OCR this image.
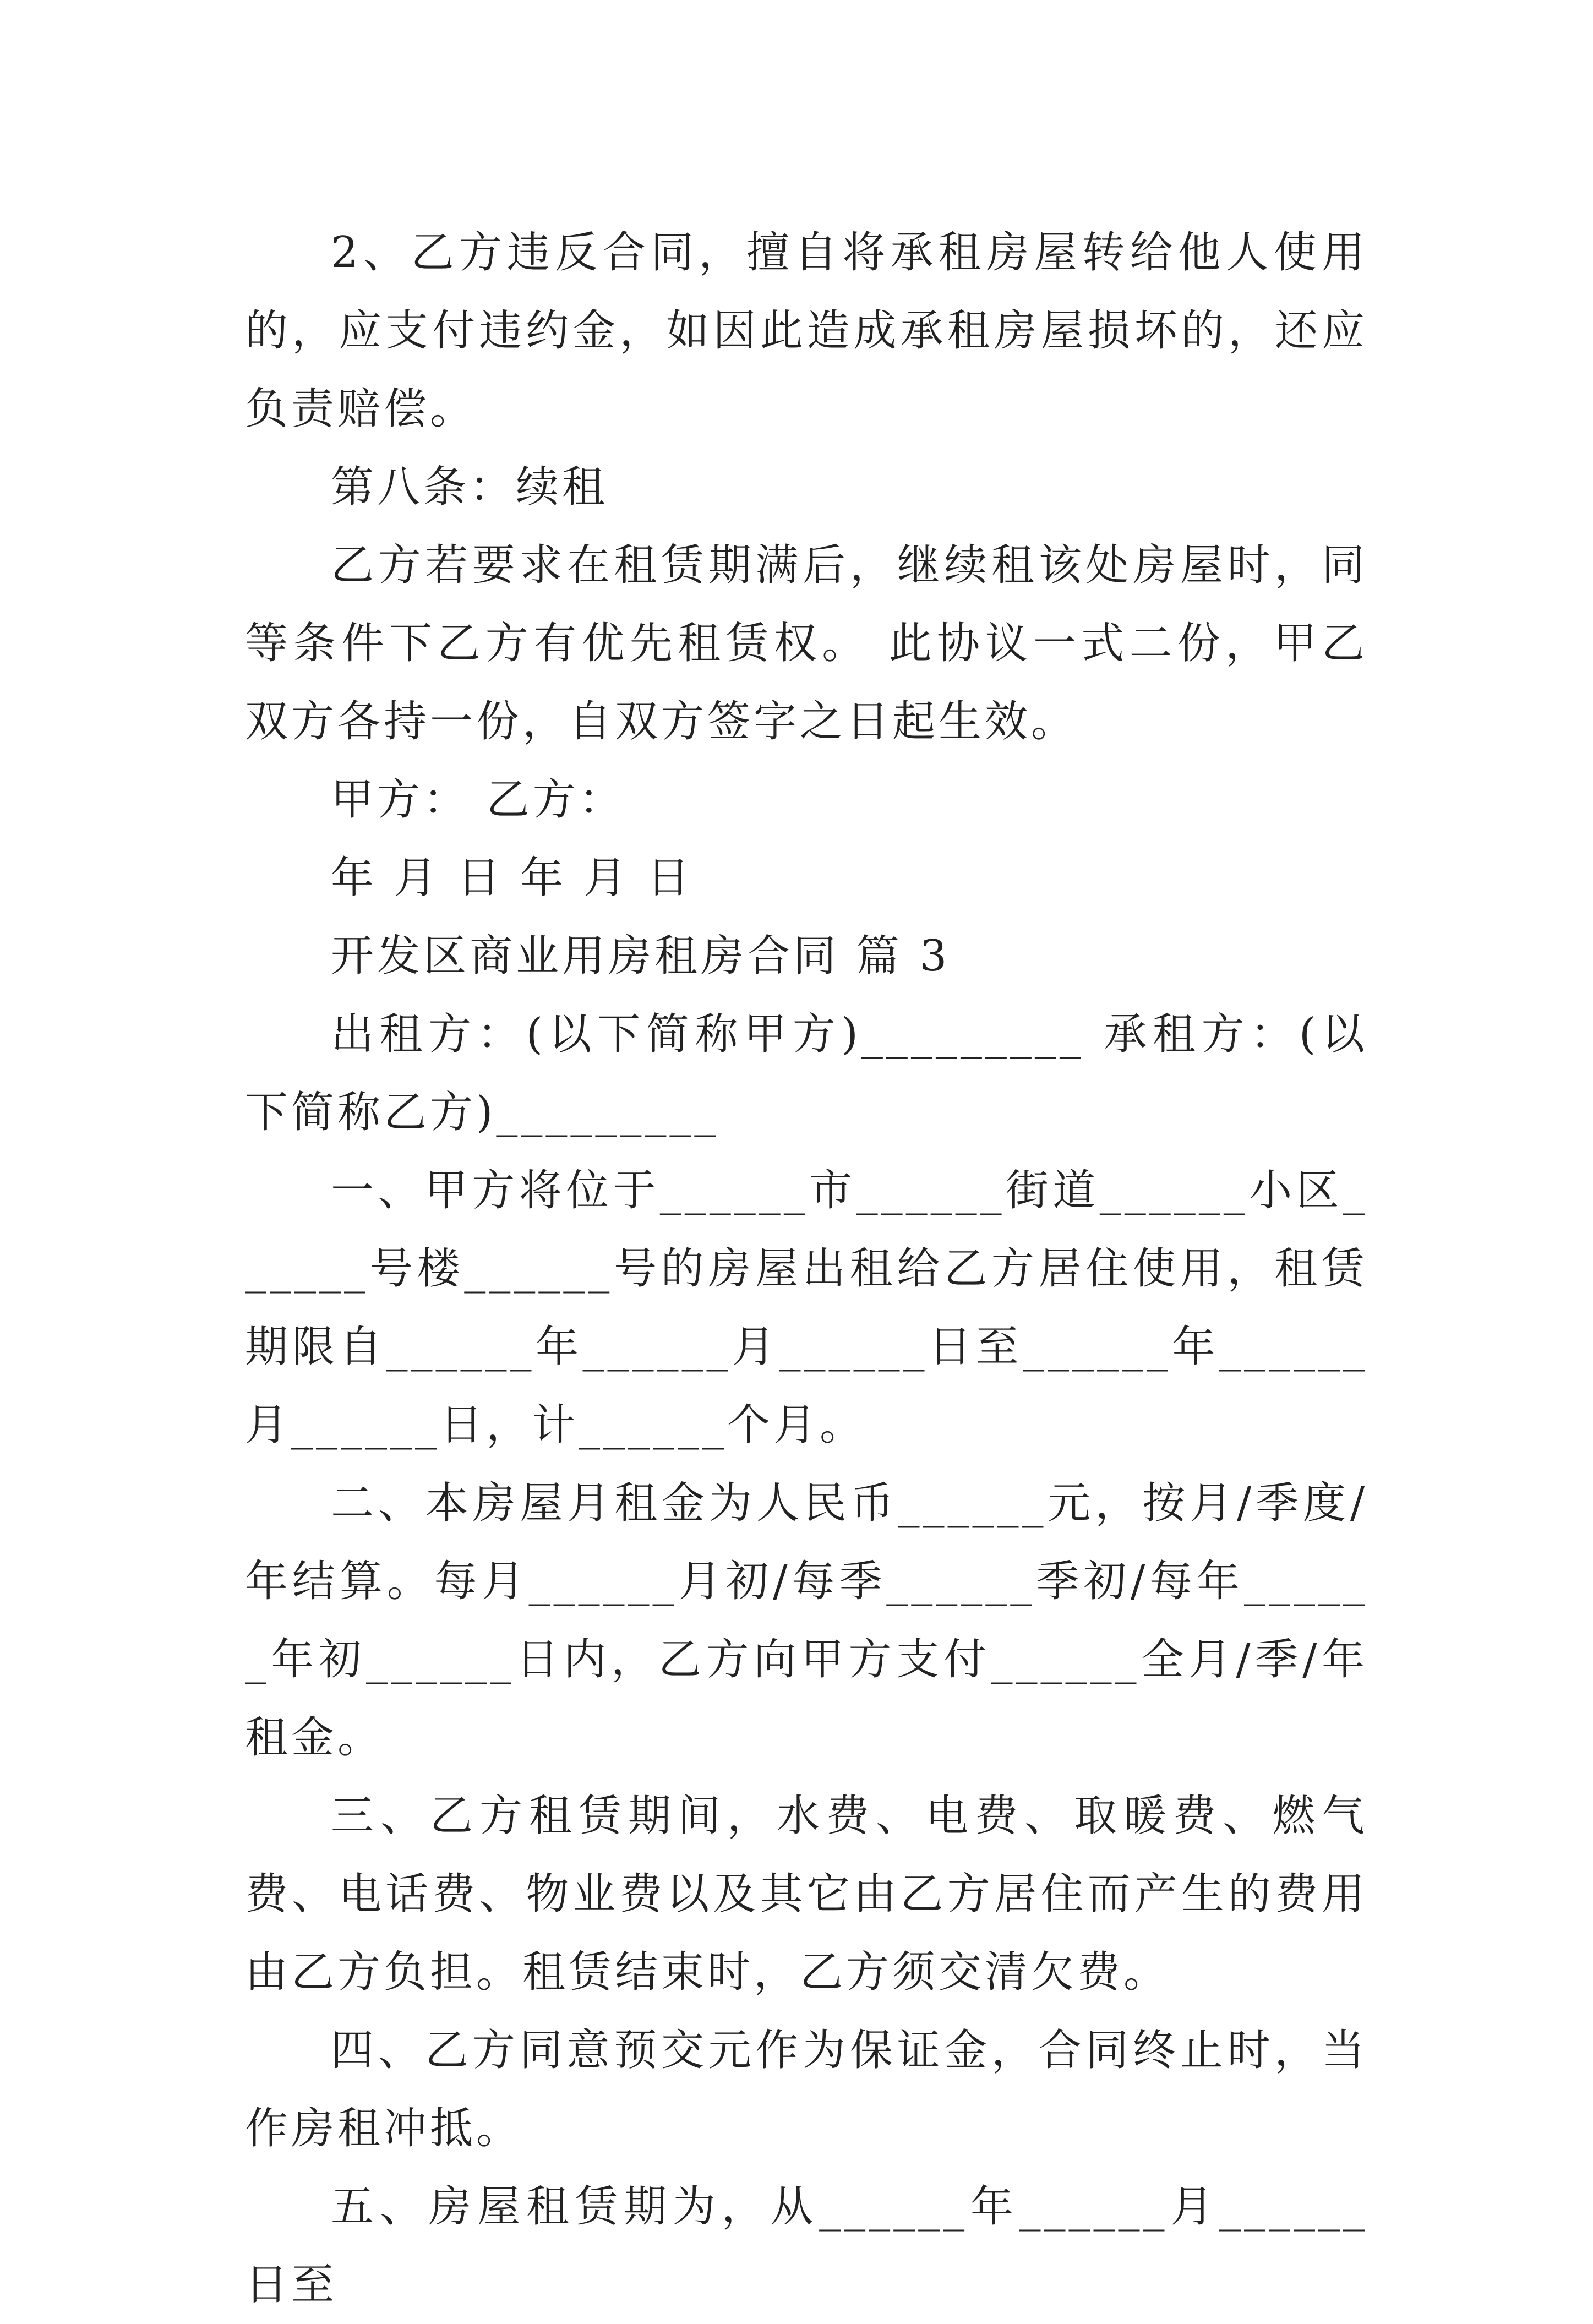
2、乙方违反合同，擅自将承租房屋转给他人使用的，应支付违约金，如因此造成承租房屋损坏的，还应负责赔偿。

第八条：续租

乙方若要求在租赁期满后，继续租该处房屋时，同等条件下乙方有优先租赁权。 此协议一式二份，甲乙双方各持一份，自双方签字之日起生效。

甲方： 乙方：

年 月 日 年 月 日

开发区商业用房租房合同 篇 3

出租方：(以下简称甲方)_________ 承租方：(以下简称乙方)_________

一、甲方将位于______市______街道______小区______号楼______号的房屋出租给乙方居住使用，租赁期限自______年______月______日至______年______月______日，计______个月。

二、本房屋月租金为人民币______元，按月/季度/年结算。每月______月初/每季______季初/每年______年初______日内，乙方向甲方支付______全月/季/年租金。

三、乙方租赁期间，水费、电费、取暖费、燃气费、电话费、物业费以及其它由乙方居住而产生的费用由乙方负担。租赁结束时，乙方须交清欠费。

四、乙方同意预交元作为保证金，合同终止时，当作房租冲抵。

五、房屋租赁期为，从______年______月______日至
